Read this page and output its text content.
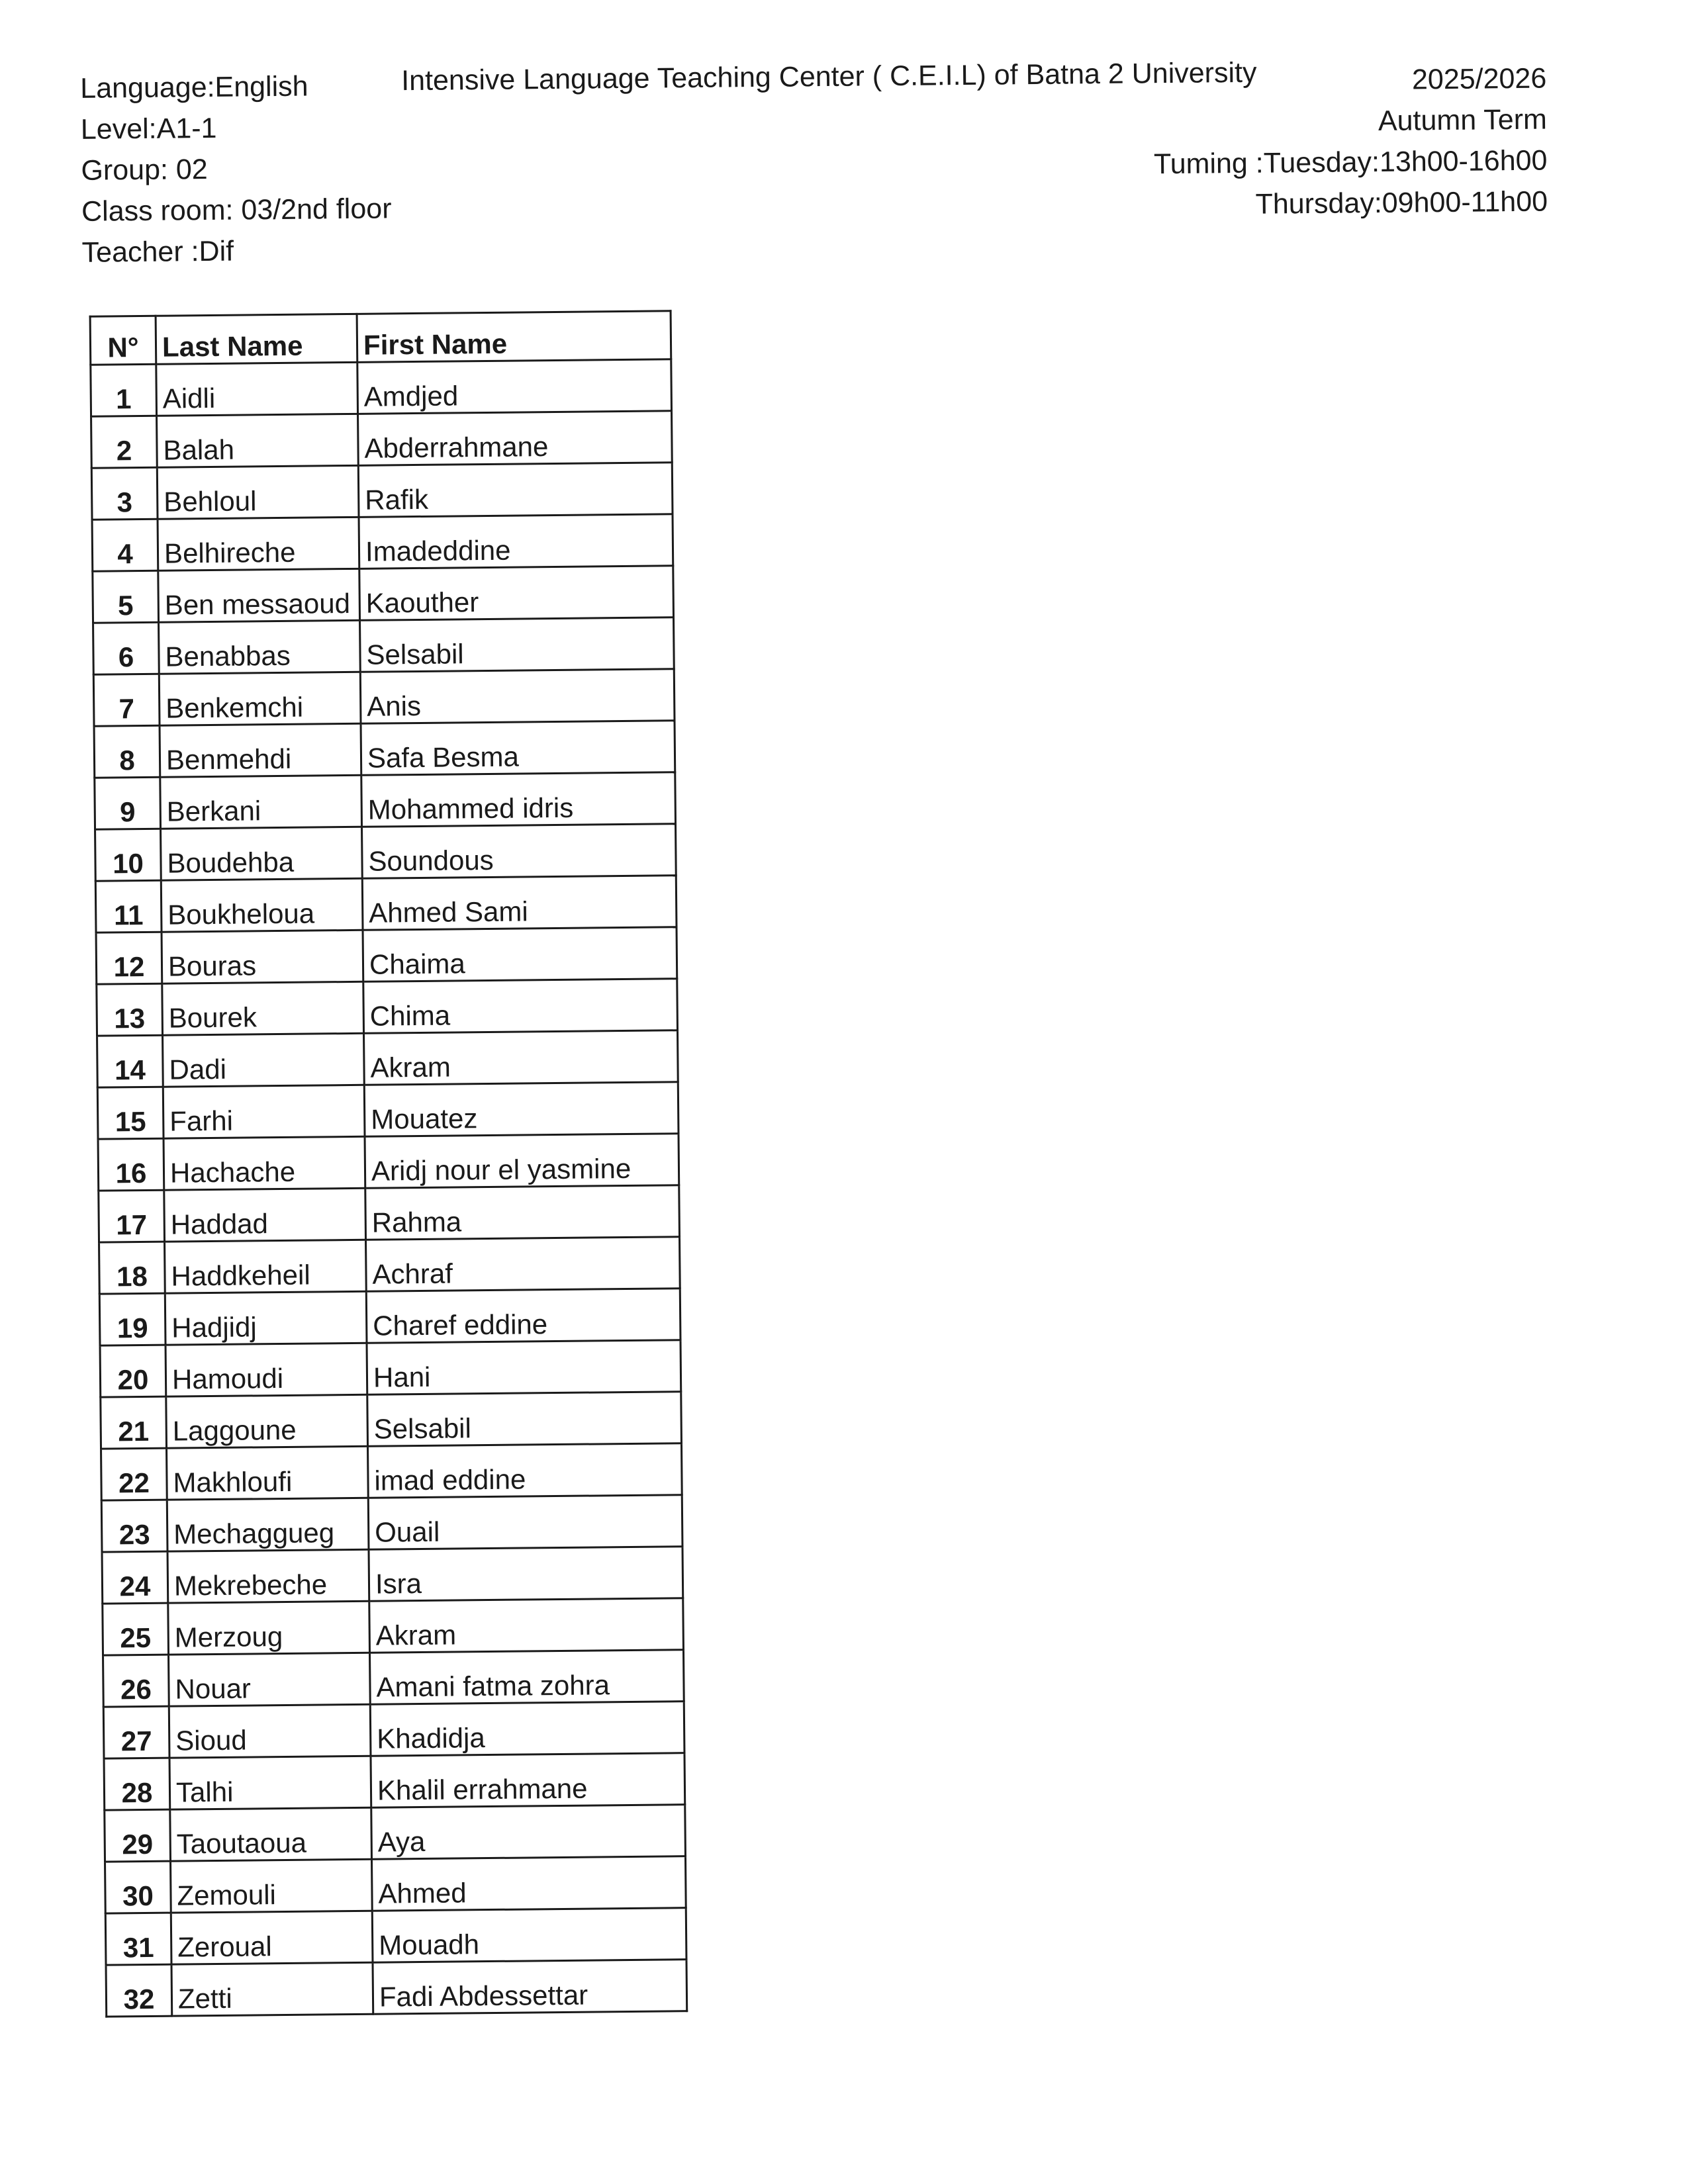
Language:English
Level:A1-1
Group: 02
Class room: 03/2nd floor
Teacher :Dif
Intensive Language Teaching Center ( C.E.I.L) of Batna 2 University	2025/2026
Autumn Term
Tuming :Tuesday:13h00-16h00
Thursday:09h00-11h00
N°	Last Name	First Name
1	Aidli	Amdjed
2	Balah	Abderrahmane
3	Behloul	Rafik
4	Belhireche	Imadeddine
5	Ben messaoud	Kaouther
6	Benabbas	Selsabil
7	Benkemchi	Anis
8	Benmehdi	Safa Besma
9	Berkani	Mohammed idris
10	Boudehba	Soundous
11	Boukheloua	Ahmed Sami
12	Bouras	Chaima
13	Bourek	Chima
14	Dadi	Akram
15	Farhi	Mouatez
16	Hachache	Aridj nour el yasmine
17	Haddad	Rahma
18	Haddkeheil	Achraf
19	Hadjidj	Charef eddine
20	Hamoudi	Hani
21	Laggoune	Selsabil
22	Makhloufi	imad eddine
23	Mechaggueg	Ouail
24	Mekrebeche	Isra
25	Merzoug	Akram
26	Nouar	Amani fatma zohra
27	Sioud	Khadidja
28	Talhi	Khalil errahmane
29	Taoutaoua	Aya
30	Zemouli	Ahmed
31	Zeroual	Mouadh
32	Zetti	Fadi Abdessettar
